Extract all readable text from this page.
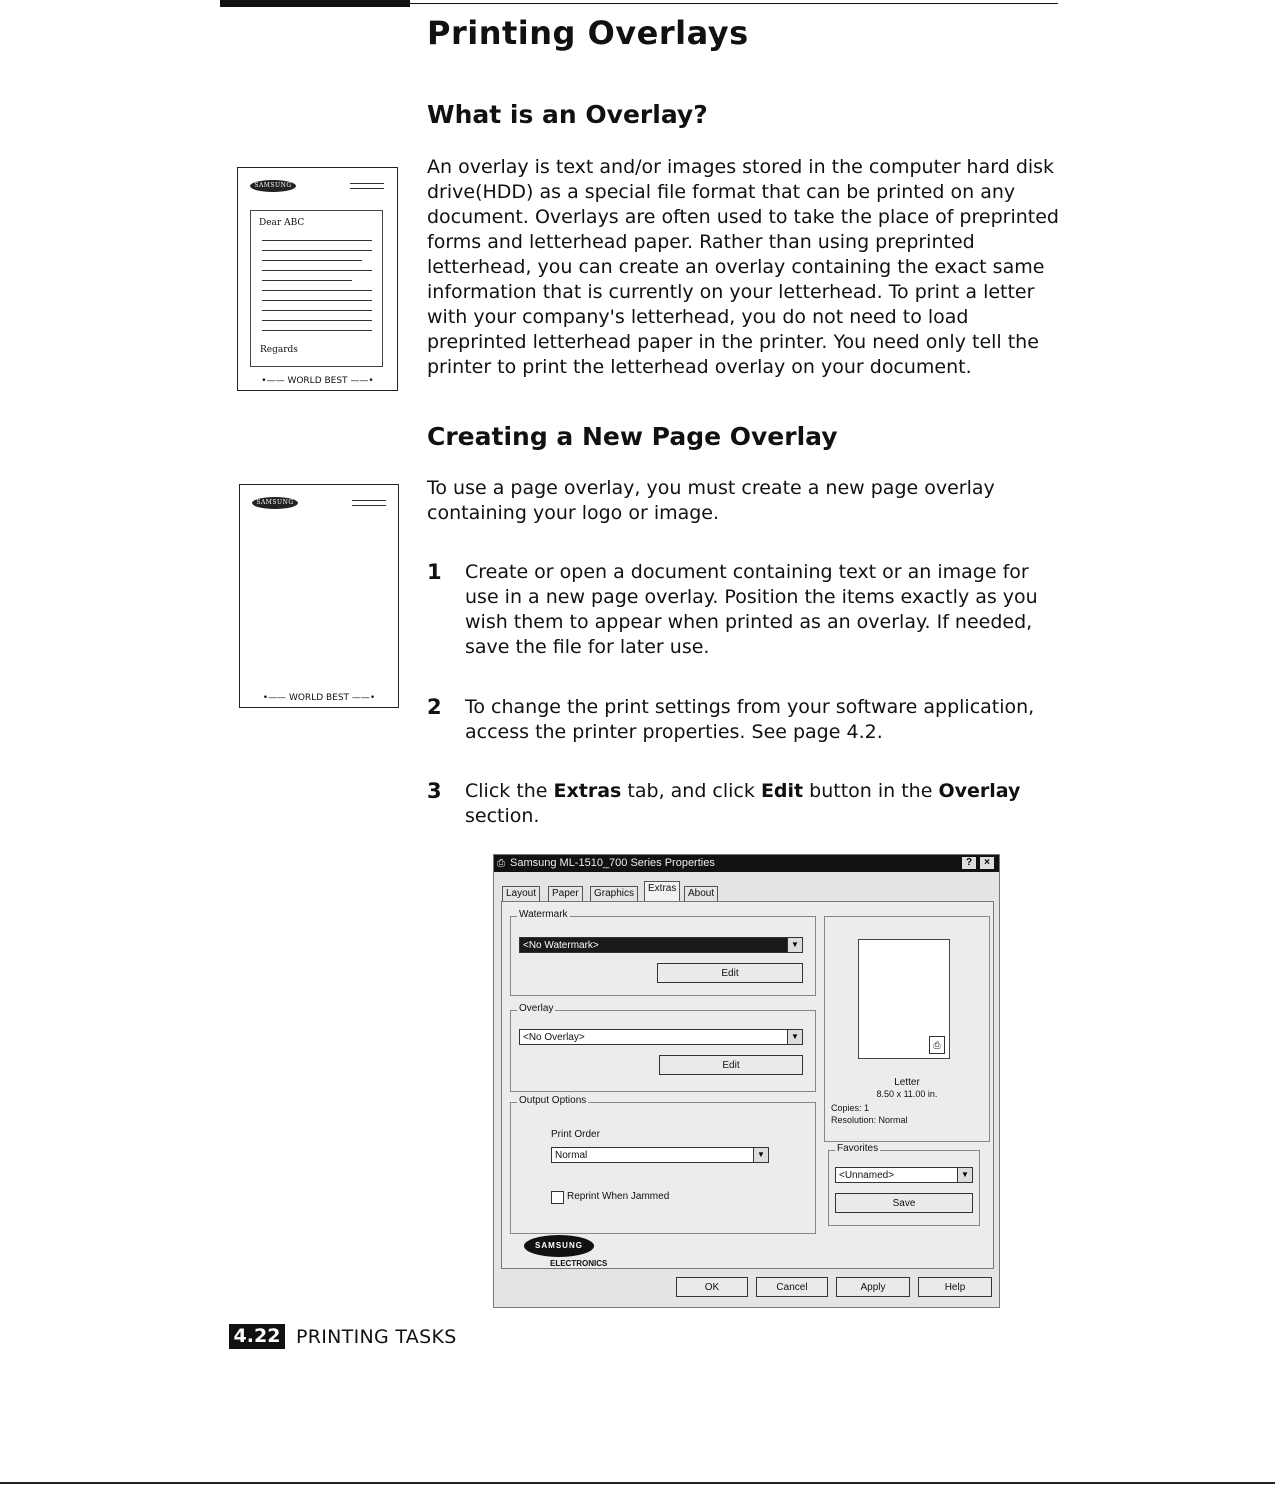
Printing Overlays
What is an Overlay?

An overlay is text and/or images stored in the computer hard disk drive(HDD) as a special file format that can be printed on any document. Overlays are often used to take the place of preprinted forms and letterhead paper. Rather than using preprinted letterhead, you can create an overlay containing the exact same information that is currently on your letterhead. To print a letter with your company's letterhead, you do not need to load preprinted letterhead paper in the printer. You need only tell the printer to print the letterhead overlay on your document.

SAMSUNG
Dear ABC
Regards
•—— WORLD BEST ——•
Creating a New Page Overlay

To use a page overlay, you must create a new page overlay containing your logo or image.

SAMSUNG
•—— WORLD BEST ——•
1 Create or open a document containing text or an image for use in a new page overlay. Position the items exactly as you wish them to appear when printed as an overlay. If needed, save the file for later use.
2 To change the print settings from your software application, access the printer properties. See page 4.2.
3 Click the Extras tab, and click Edit button in the Overlay section.
⎙ Samsung ML-1510_700 Series Properties	?	×
Layout	Paper	Graphics	Extras	About
Watermark
<No Watermark>	▼
Edit
Overlay
<No Overlay>	▼
Edit
Output Options
Print Order
Normal	▼
Reprint When Jammed
⎙
Letter
8.50 x 11.00 in.
Copies: 1
Resolution: Normal
Favorites
<Unnamed>	▼
Save
SAMSUNG
ELECTRONICS
OK	Cancel	Apply	Help
4.22 PRINTING TASKS
